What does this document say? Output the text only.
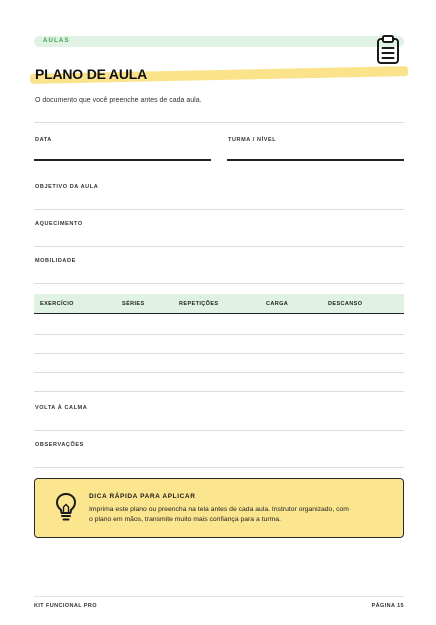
AULAS
PLANO DE AULA
O documento que você preenche antes de cada aula.
DATA	TURMA / NÍVEL
OBJETIVO DA AULA
AQUECIMENTO
MOBILIDADE
EXERCÍCIO	SÉRIES	REPETIÇÕES	CARGA	DESCANSO
VOLTA À CALMA
OBSERVAÇÕES
DICA RÁPIDA PARA APLICAR
Imprima este plano ou preencha na tela antes de cada aula. Instrutor organizado, com
o plano em mãos, transmite muito mais confiança para a turma.
KIT FUNCIONAL PRO	PÁGINA 15
